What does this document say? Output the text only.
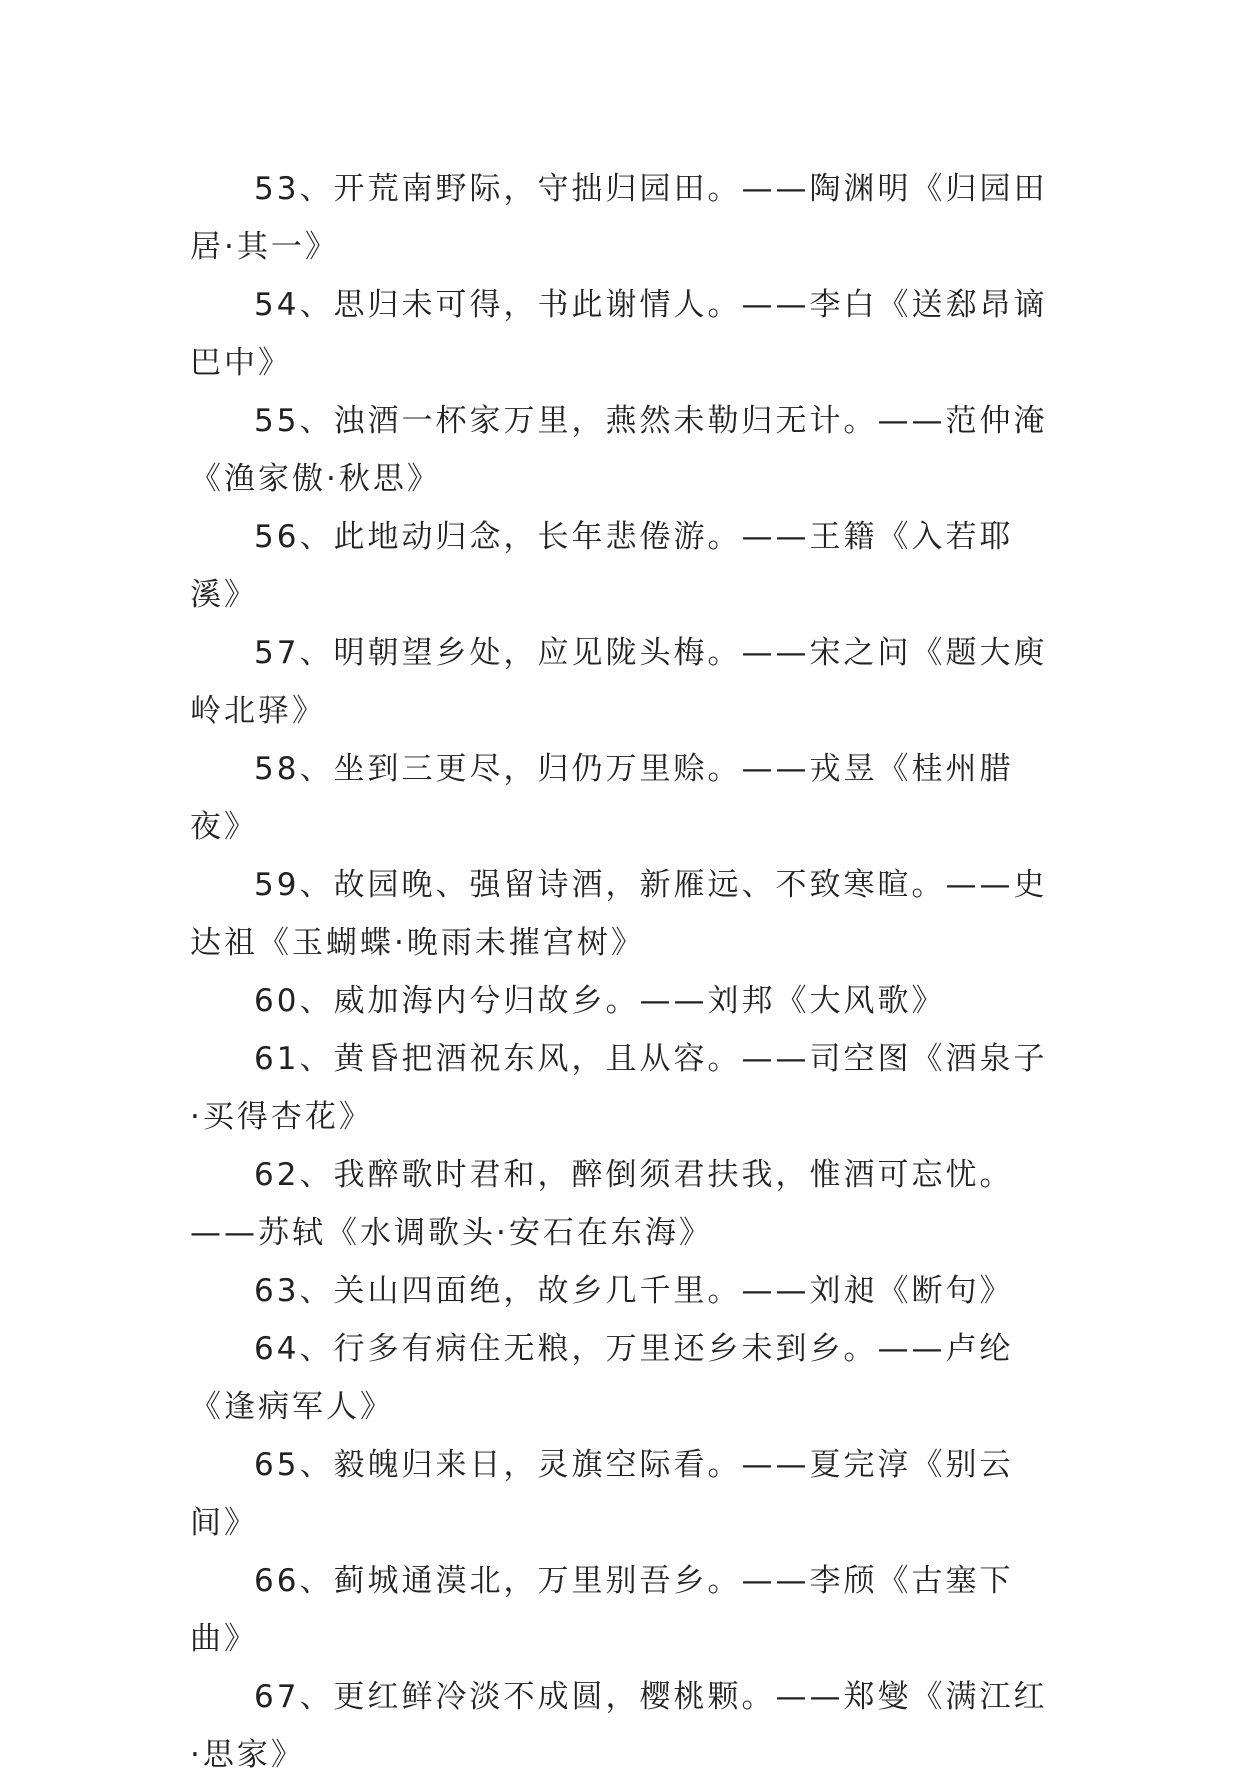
53、开荒南野际，守拙归园田。——陶渊明《归园田居·其一》

54、思归未可得，书此谢情人。——李白《送郄昂谪巴中》

55、浊酒一杯家万里，燕然未勒归无计。——范仲淹《渔家傲·秋思》

56、此地动归念，长年悲倦游。——王籍《入若耶溪》

57、明朝望乡处，应见陇头梅。——宋之问《题大庾岭北驿》

58、坐到三更尽，归仍万里赊。——戎昱《桂州腊夜》

59、故园晚、强留诗酒，新雁远、不致寒暄。——史达祖《玉蝴蝶·晚雨未摧宫树》

60、威加海内兮归故乡。——刘邦《大风歌》

61、黄昏把酒祝东风，且从容。——司空图《酒泉子·买得杏花》

62、我醉歌时君和，醉倒须君扶我，惟酒可忘忧。——苏轼《水调歌头·安石在东海》

63、关山四面绝，故乡几千里。——刘昶《断句》

64、行多有病住无粮，万里还乡未到乡。——卢纶《逢病军人》

65、毅魄归来日，灵旗空际看。——夏完淳《别云间》

66、蓟城通漠北，万里别吾乡。——李颀《古塞下曲》

67、更红鲜冷淡不成圆，樱桃颗。——郑燮《满江红·思家》
